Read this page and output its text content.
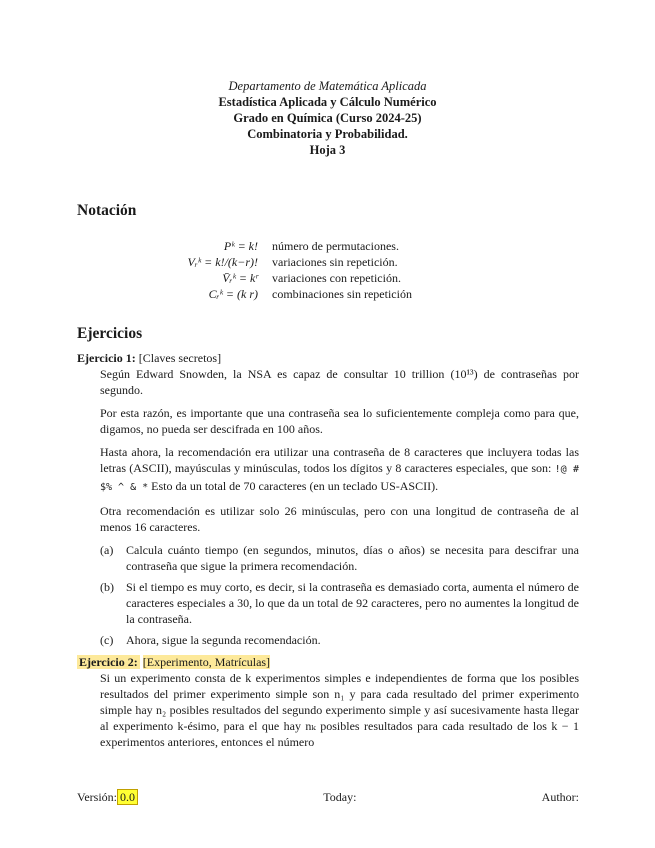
Departamento de Matemática Aplicada
Estadística Aplicada y Cálculo Numérico
Grado en Química (Curso 2024-25)
Combinatoria y Probabilidad.
Hoja 3
Notación
Pᵏ = k!	número de permutaciones.
Vᵣᵏ = k!/(k−r)!	variaciones sin repetición.
V̄ᵣᵏ = kʳ	variaciones con repetición.
Cᵣᵏ = (k r)	combinaciones sin repetición
Ejercicios
Ejercicio 1: [Claves secretos]

Según Edward Snowden, la NSA es capaz de consultar 10 trillion (10¹³) de contraseñas por segundo.

Por esta razón, es importante que una contraseña sea lo suficientemente compleja como para que, digamos, no pueda ser descifrada en 100 años.

Hasta ahora, la recomendación era utilizar una contraseña de 8 caracteres que incluyera todas las letras (ASCII), mayúsculas y minúsculas, todos los dígitos y 8 caracteres especiales, que son: !@ # $% ^ & * Esto da un total de 70 caracteres (en un teclado US-ASCII).

Otra recomendación es utilizar solo 26 minúsculas, pero con una longitud de contraseña de al menos 16 caracteres.

(a)	Calcula cuánto tiempo (en segundos, minutos, días o años) se necesita para descifrar una contraseña que sigue la primera recomendación.
(b)	Si el tiempo es muy corto, es decir, si la contraseña es demasiado corta, aumenta el número de caracteres especiales a 30, lo que da un total de 92 caracteres, pero no aumentes la longitud de la contraseña.
(c)	Ahora, sigue la segunda recomendación.
Ejercicio 2: [Experimento, Matrículas]

Si un experimento consta de k experimentos simples e independientes de forma que los posibles resultados del primer experimento simple son n₁ y para cada resultado del primer experimento simple hay n₂ posibles resultados del segundo experimento simple y así sucesivamente hasta llegar al experimento k-ésimo, para el que hay nₖ posibles resultados para cada resultado de los k − 1 experimentos anteriores, entonces el número

Versión: 0.0	Today:	Author:
